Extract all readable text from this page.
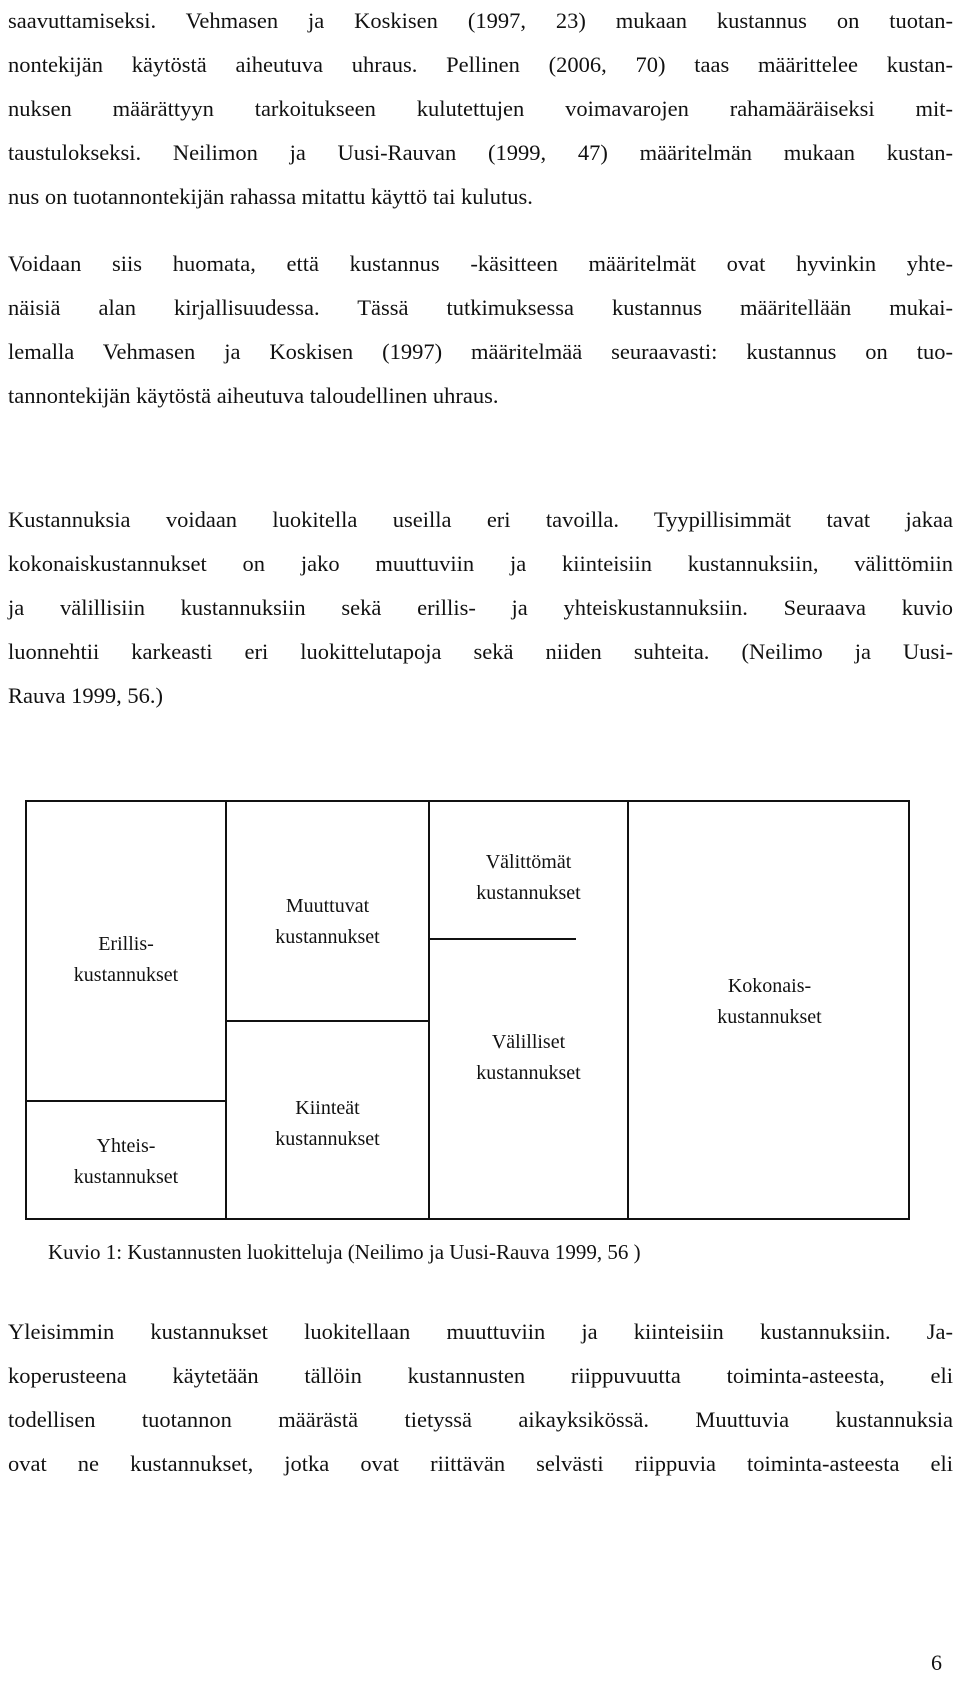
saavuttamiseksi. Vehmasen ja Koskisen (1997, 23) mukaan kustannus on tuotan-
nontekijän käytöstä aiheutuva uhraus. Pellinen (2006, 70) taas määrittelee kustan-
nuksen määrättyyn tarkoitukseen kulutettujen voimavarojen rahamääräiseksi mit-
taustulokseksi. Neilimon ja Uusi-Rauvan (1999, 47) määritelmän mukaan kustan-
nus on tuotannontekijän rahassa mitattu käyttö tai kulutus.
Voidaan siis huomata, että kustannus -käsitteen määritelmät ovat hyvinkin yhte-
näisiä alan kirjallisuudessa. Tässä tutkimuksessa kustannus määritellään mukai-
lemalla Vehmasen ja Koskisen (1997) määritelmää seuraavasti: kustannus on tuo-
tannontekijän käytöstä aiheutuva taloudellinen uhraus.
Kustannuksia voidaan luokitella useilla eri tavoilla. Tyypillisimmät tavat jakaa
kokonaiskustannukset on jako muuttuviin ja kiinteisiin kustannuksiin, välittömiin
ja välillisiin kustannuksiin sekä erillis- ja yhteiskustannuksiin. Seuraava kuvio
luonnehtii karkeasti eri luokittelutapoja sekä niiden suhteita. (Neilimo ja Uusi-
Rauva 1999, 56.)
Erillis-
kustannukset
Yhteis-
kustannukset
Muuttuvat
kustannukset
Kiinteät
kustannukset
Välittömät
kustannukset
Välilliset
kustannukset
Kokonais-
kustannukset
Kuvio 1: Kustannusten luokitteluja (Neilimo ja Uusi-Rauva 1999, 56 )
Yleisimmin kustannukset luokitellaan muuttuviin ja kiinteisiin kustannuksiin. Ja-
koperusteena käytetään tällöin kustannusten riippuvuutta toiminta-asteesta, eli
todellisen tuotannon määrästä tietyssä aikayksikössä. Muuttuvia kustannuksia
ovat ne kustannukset, jotka ovat riittävän selvästi riippuvia toiminta-asteesta eli
6
